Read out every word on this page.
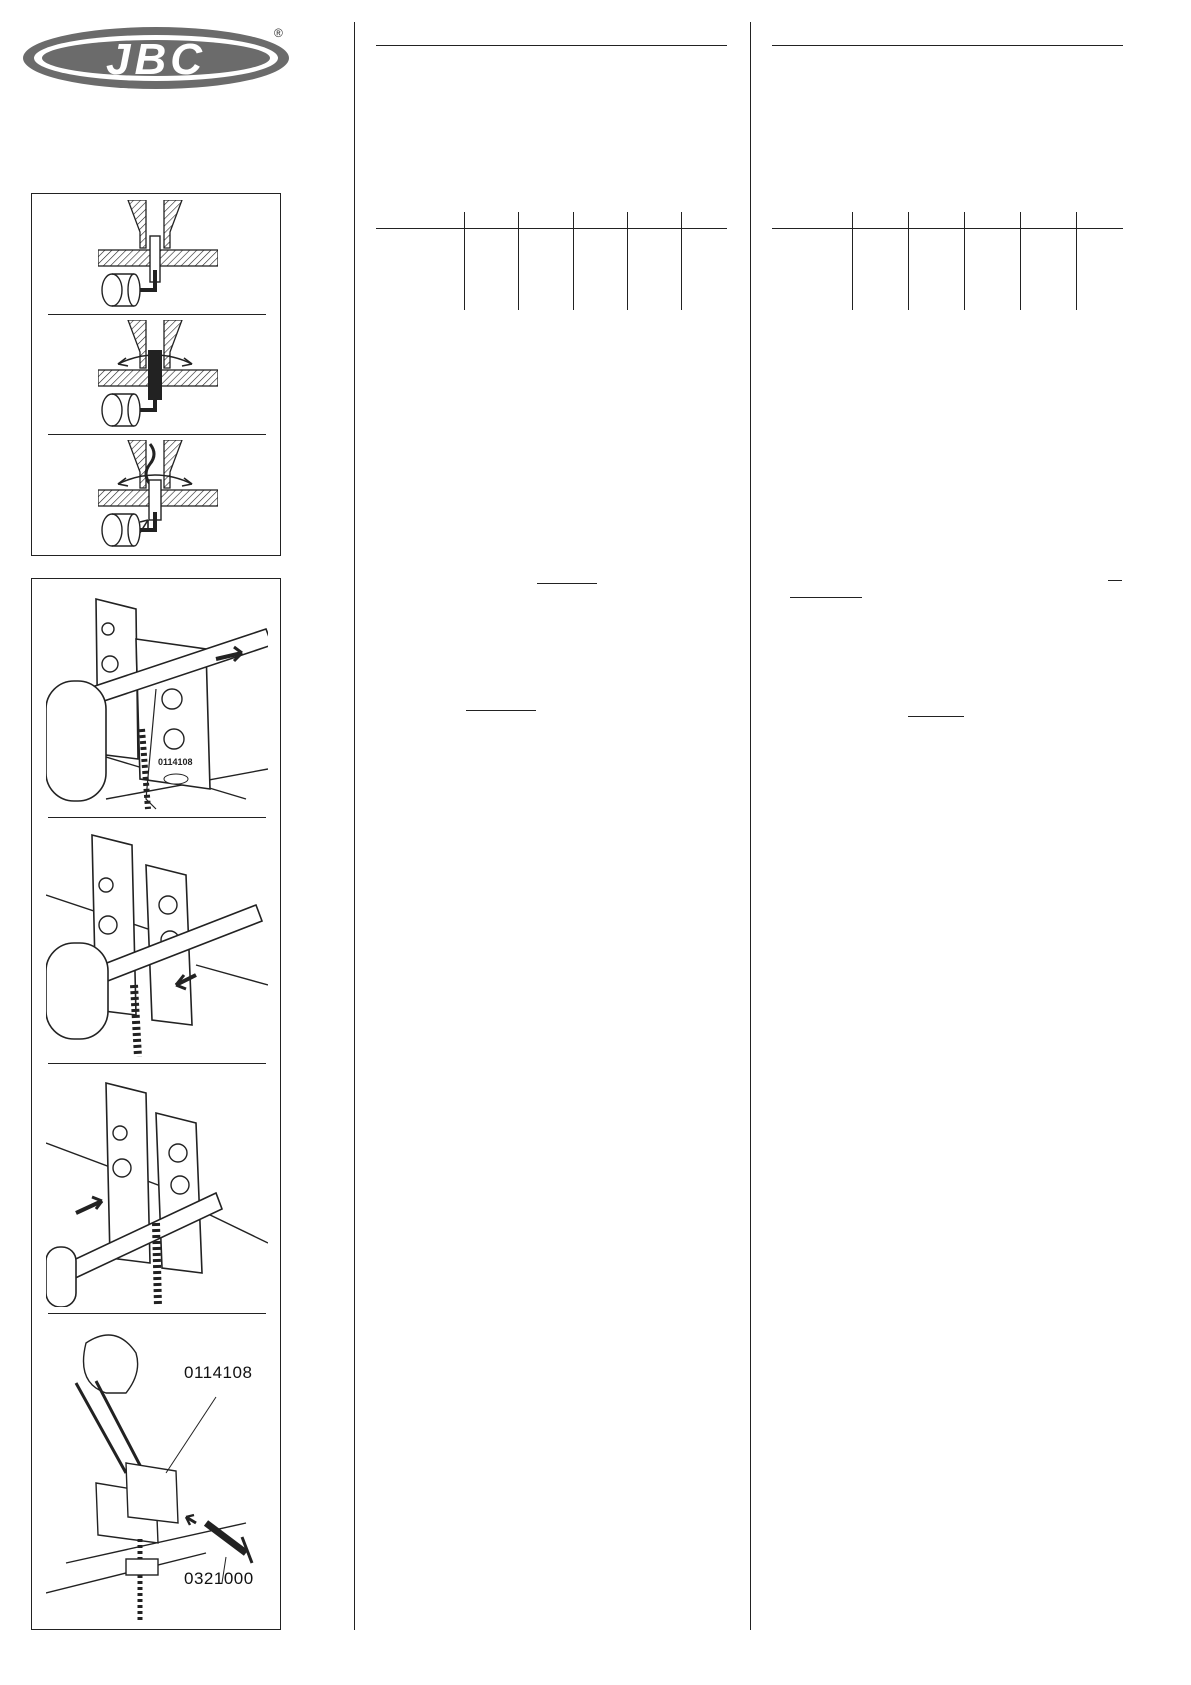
JBC
®
0114108
0114108
0321000
